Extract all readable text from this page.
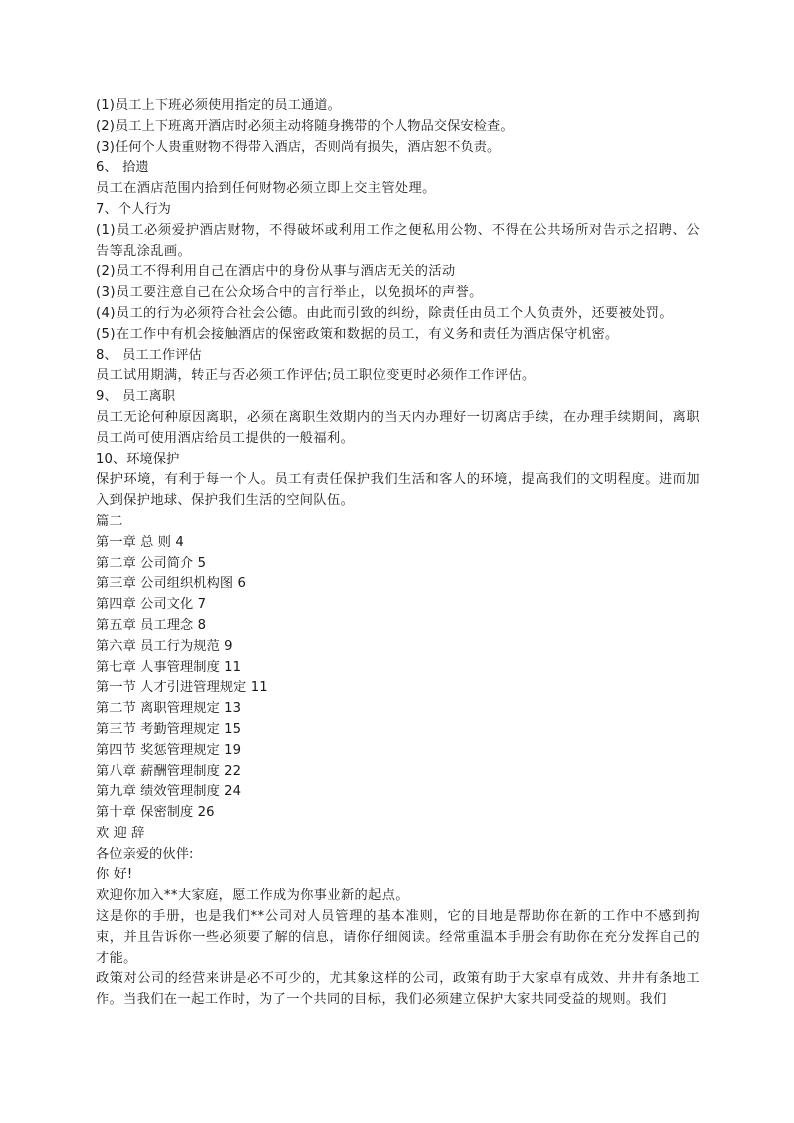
(1)员工上下班必须使用指定的员工通道。

(2)员工上下班离开酒店时必须主动将随身携带的个人物品交保安检查。

(3)任何个人贵重财物不得带入酒店，否则尚有损失，酒店恕不负责。

6、 拾遗

员工在酒店范围内拾到任何财物必须立即上交主管处理。

7、个人行为

(1)员工必须爱护酒店财物，不得破坏或利用工作之便私用公物、不得在公共场所对告示之招聘、公告等乱涂乱画。

(2)员工不得利用自己在酒店中的身份从事与酒店无关的活动

(3)员工要注意自己在公众场合中的言行举止，以免损坏的声誉。

(4)员工的行为必须符合社会公德。由此而引致的纠纷，除责任由员工个人负责外，还要被处罚。

(5)在工作中有机会接触酒店的保密政策和数据的员工，有义务和责任为酒店保守机密。

8、 员工工作评估

员工试用期满，转正与否必须工作评估;员工职位变更时必须作工作评估。

9、 员工离职

员工无论何种原因离职，必须在离职生效期内的当天内办理好一切离店手续，在办理手续期间，离职员工尚可使用酒店给员工提供的一般福利。

10、环境保护

保护环境，有利于每一个人。员工有责任保护我们生活和客人的环境，提高我们的文明程度。进而加入到保护地球、保护我们生活的空间队伍。

篇二

第一章 总 则 4

第二章 公司简介 5

第三章 公司组织机构图 6

第四章 公司文化 7

第五章 员工理念 8

第六章 员工行为规范 9

第七章 人事管理制度 11

第一节 人才引进管理规定 11

第二节 离职管理规定 13

第三节 考勤管理规定 15

第四节 奖惩管理规定 19

第八章 薪酬管理制度 22

第九章 绩效管理制度 24

第十章 保密制度 26

欢 迎 辞

各位亲爱的伙伴:

你 好!

欢迎你加入**大家庭，愿工作成为你事业新的起点。

这是你的手册，也是我们**公司对人员管理的基本准则，它的目地是帮助你在新的工作中不感到拘束，并且告诉你一些必须要了解的信息，请你仔细阅读。经常重温本手册会有助你在充分发挥自己的才能。

政策对公司的经营来讲是必不可少的，尤其象这样的公司，政策有助于大家卓有成效、井井有条地工作。当我们在一起工作时，为了一个共同的目标，我们必须建立保护大家共同受益的规则。我们
